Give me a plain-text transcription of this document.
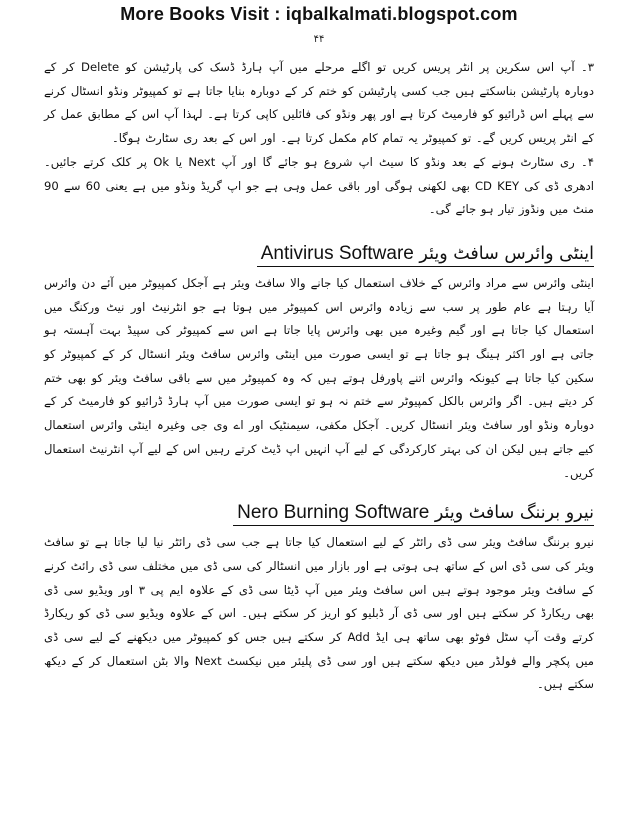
More Books Visit : iqbalkalmati.blogspot.com
۴۴

۳۔ آپ اس سکرین پر انٹر پریس کریں تو اگلے مرحلے میں آپ ہارڈ ڈسک کی پارٹیشن کو Delete کر کے دوبارہ پارٹیشن بناسکتے ہیں جب کسی پارٹیشن کو ختم کر کے دوبارہ بنایا جاتا ہے تو کمپیوٹر ونڈو انسٹال کرنے سے پہلے اس ڈرائیو کو فارمیٹ کرتا ہے اور پھر ونڈو کی فائلیں کاپی کرتا ہے۔ لہذا آپ اس کے مطابق عمل کر کے انٹر پریس کریں گے۔ تو کمپیوٹر یہ تمام کام مکمل کرتا ہے۔ اور اس کے بعد ری سٹارٹ ہوگا۔

۴۔ ری سٹارٹ ہونے کے بعد ونڈو کا سیٹ اپ شروع ہو جائے گا اور آپ Next یا Ok پر کلک کرتے جائیں۔ ادھری ڈی کی CD KEY بھی لکھنی ہوگی اور باقی عمل وہی ہے جو اپ گریڈ ونڈو میں ہے یعنی 60 سے 90 منٹ میں ونڈوز تیار ہو جائے گی۔

اینٹی وائرس سافٹ ویئر Antivirus Software

اینٹی وائرس سے مراد وائرس کے خلاف استعمال کیا جانے والا سافٹ ویئر ہے آجکل کمپیوٹر میں آئے دن وائرس آیا رہتا ہے عام طور پر سب سے زیادہ وائرس اس کمپیوٹر میں ہوتا ہے جو انٹرنیٹ اور نیٹ ورکنگ میں استعمال کیا جاتا ہے اور گیم وغیرہ میں بھی وائرس پایا جاتا ہے اس سے کمپیوٹر کی سپیڈ بہت آہستہ ہو جاتی ہے اور اکثر ہینگ ہو جاتا ہے تو ایسی صورت میں اینٹی وائرس سافٹ ویئر انسٹال کر کے کمپیوٹر کو سکین کیا جاتا ہے کیونکہ وائرس اتنے پاورفل ہوتے ہیں کہ وہ کمپیوٹر میں سے باقی سافٹ ویئر کو بھی ختم کر دیتے ہیں۔ اگر وائرس بالکل کمپیوٹر سے ختم نہ ہو تو ایسی صورت میں آپ ہارڈ ڈرائیو کو فارمیٹ کر کے دوبارہ ونڈو اور سافٹ ویئر انسٹال کریں۔ آجکل مکفی، سیمنٹیک اور اے وی جی وغیرہ اینٹی وائرس استعمال کیے جاتے ہیں لیکن ان کی بہتر کارکردگی کے لیے آپ انہیں اپ ڈیٹ کرتے رہیں اس کے لیے آپ انٹرنیٹ استعمال کریں۔

نیرو برننگ سافٹ ویئر Nero Burning Software

نیرو برننگ سافٹ ویئر سی ڈی رائٹر کے لیے استعمال کیا جاتا ہے جب سی ڈی رائٹر نیا لیا جاتا ہے تو سافٹ ویئر کی سی ڈی اس کے ساتھ ہی ہوتی ہے اور بازار میں انسٹالر کی سی ڈی میں مختلف سی ڈی رائٹ کرنے کے سافٹ ویئر موجود ہوتے ہیں اس سافٹ ویئر میں آپ ڈیٹا سی ڈی کے علاوہ ایم پی ۳ اور ویڈیو سی ڈی بھی ریکارڈ کر سکتے ہیں اور سی ڈی آر ڈبلیو کو اریز کر سکتے ہیں۔ اس کے علاوہ ویڈیو سی ڈی کو ریکارڈ کرتے وقت آپ سٹل فوٹو بھی ساتھ ہی ایڈ Add کر سکتے ہیں جس کو کمپیوٹر میں دیکھنے کے لیے سی ڈی میں پکچر والے فولڈر میں دیکھ سکتے ہیں اور سی ڈی پلیئر میں نیکسٹ Next والا بٹن استعمال کر کے دیکھ سکتے ہیں۔
